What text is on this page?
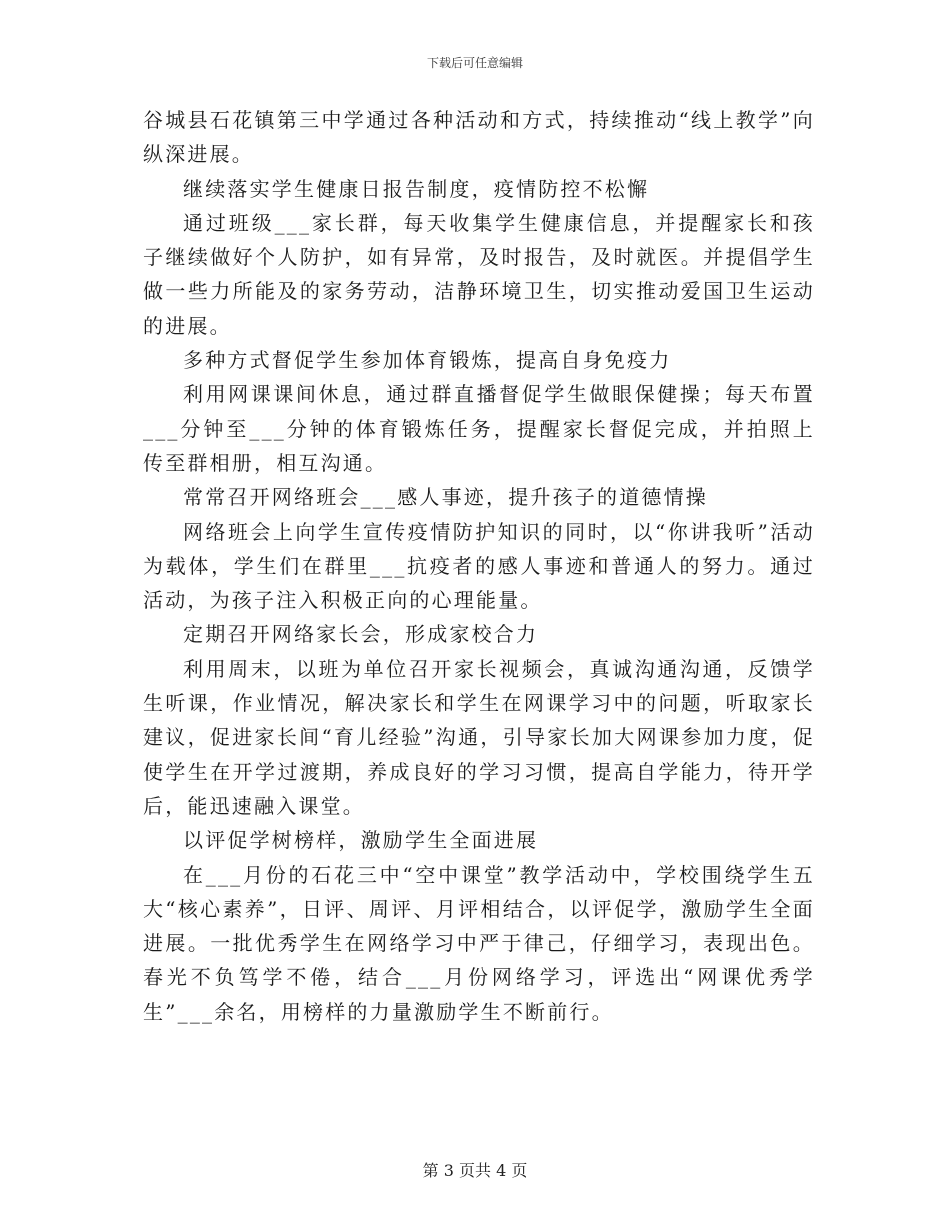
下载后可任意编辑

谷城县石花镇第三中学通过各种活动和方式，持续推动“线上教学”向纵深进展。

继续落实学生健康日报告制度，疫情防控不松懈

通过班级___家长群，每天收集学生健康信息，并提醒家长和孩子继续做好个人防护，如有异常，及时报告，及时就医。并提倡学生做一些力所能及的家务劳动，洁静环境卫生，切实推动爱国卫生运动的进展。

多种方式督促学生参加体育锻炼，提高自身免疫力

利用网课课间休息，通过群直播督促学生做眼保健操；每天布置___分钟至___分钟的体育锻炼任务，提醒家长督促完成，并拍照上传至群相册，相互沟通。

常常召开网络班会___感人事迹，提升孩子的道德情操

网络班会上向学生宣传疫情防护知识的同时，以“你讲我听”活动为载体，学生们在群里___抗疫者的感人事迹和普通人的努力。通过活动，为孩子注入积极正向的心理能量。

定期召开网络家长会，形成家校合力

利用周末，以班为单位召开家长视频会，真诚沟通沟通，反馈学生听课，作业情况，解决家长和学生在网课学习中的问题，听取家长建议，促进家长间“育儿经验”沟通，引导家长加大网课参加力度，促使学生在开学过渡期，养成良好的学习习惯，提高自学能力，待开学后，能迅速融入课堂。

以评促学树榜样，激励学生全面进展

在___月份的石花三中“空中课堂”教学活动中，学校围绕学生五大“核心素养”，日评、周评、月评相结合，以评促学，激励学生全面进展。一批优秀学生在网络学习中严于律己，仔细学习，表现出色。春光不负笃学不倦，结合___月份网络学习，评选出“网课优秀学生”___余名，用榜样的力量激励学生不断前行。

第 3 页共 4 页
